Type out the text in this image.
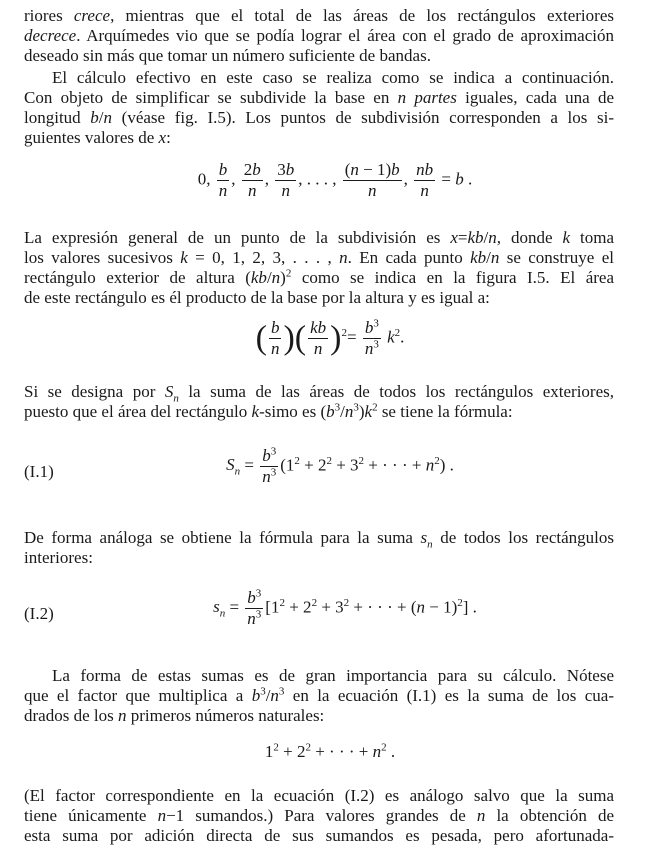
riores crece, mientras que el total de las áreas de los rectángulos exteriores
decrece. Arquímedes vio que se podía lograr el área con el grado de aproximación
deseado sin más que tomar un número suficiente de bandas.
El cálculo efectivo en este caso se realiza como se indica a continuación.
Con objeto de simplificar se subdivide la base en n partes iguales, cada una de
longitud b/n (véase fig. I.5). Los puntos de subdivisión corresponden a los si-
guientes valores de x:
0, $\frac{b}{n}$ , $\frac{2b}{n}$ , $\frac{3b}{n}$ , . . . , $\frac{(n - 1)b}{n}$ , $\frac{nb}{n} = b$ .
La expresión general de un punto de la subdivisión es x=kb/n, donde k toma
los valores sucesivos k = 0, 1, 2, 3, . . . , n. En cada punto kb/n se construye el
rectángulo exterior de altura $(kb/n)^2$ como se indica en la figura I.5. El área
de este rectángulo es él producto de la base por la altura y es igual a:
( $\frac{b}{n}$ )( $\frac{kb}{n} )^2= \frac{b^3}{n^3} k^2$.
Si se designa por $S_n$ la suma de las áreas de todos los rectángulos exteriores,
puesto que el área del rectángulo k-simo es $(b^3/n^3)k^2$ se tiene la fórmula:
(I.1)	$S_n = \frac{b^3}{n^3} (1^2 + 2^2 + 3^2$ + · · · + $n^2$) .
De forma análoga se obtiene la fórmula para la suma $s_n$ de todos los rectángulos
interiores:
(I.2)	$s_n = \frac{b^3}{n^3} [1^2 + 2^2 + 3^2$ + · · · + $(n - 1)^2$] .
La forma de estas sumas es de gran importancia para su cálculo. Nótese
que el factor que multiplica a $b^3/n^3$ en la ecuación (I.1) es la suma de los cua-
drados de los n primeros números naturales:
$1^2 + 2^2$ + · · · + $n^2$ .
(El factor correspondiente en la ecuación (I.2) es análogo salvo que la suma
tiene únicamente n−1 sumandos.) Para valores grandes de n la obtención de
esta suma por adición directa de sus sumandos es pesada, pero afortunada-
